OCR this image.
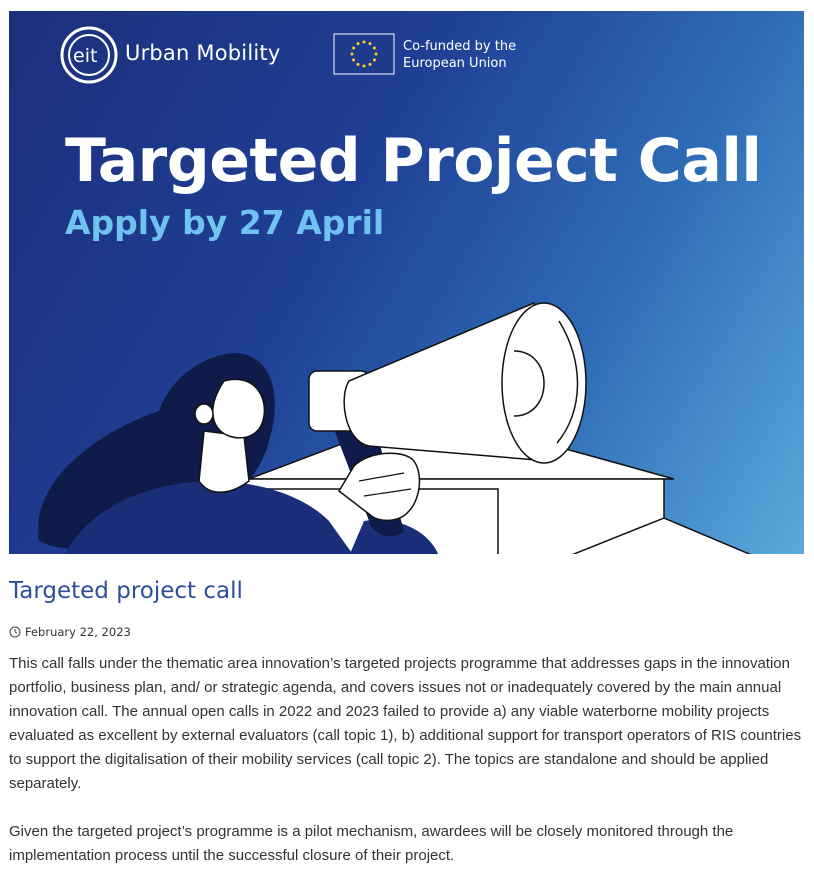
eit Urban Mobility	Co-funded by the
European Union
Targeted Project Call
Apply by 27 April
Targeted project call
February 22, 2023

This call falls under the thematic area innovation’s targeted projects programme that addresses gaps in the innovation portfolio, business plan, and/ or strategic agenda, and covers issues not or inadequately covered by the main annual innovation call. The annual open calls in 2022 and 2023 failed to provide a) any viable waterborne mobility projects evaluated as excellent by external evaluators (call topic 1), b) additional support for transport operators of RIS countries to support the digitalisation of their mobility services (call topic 2). The topics are standalone and should be applied separately.

Given the targeted project’s programme is a pilot mechanism, awardees will be closely monitored through the implementation process until the successful closure of their project.
